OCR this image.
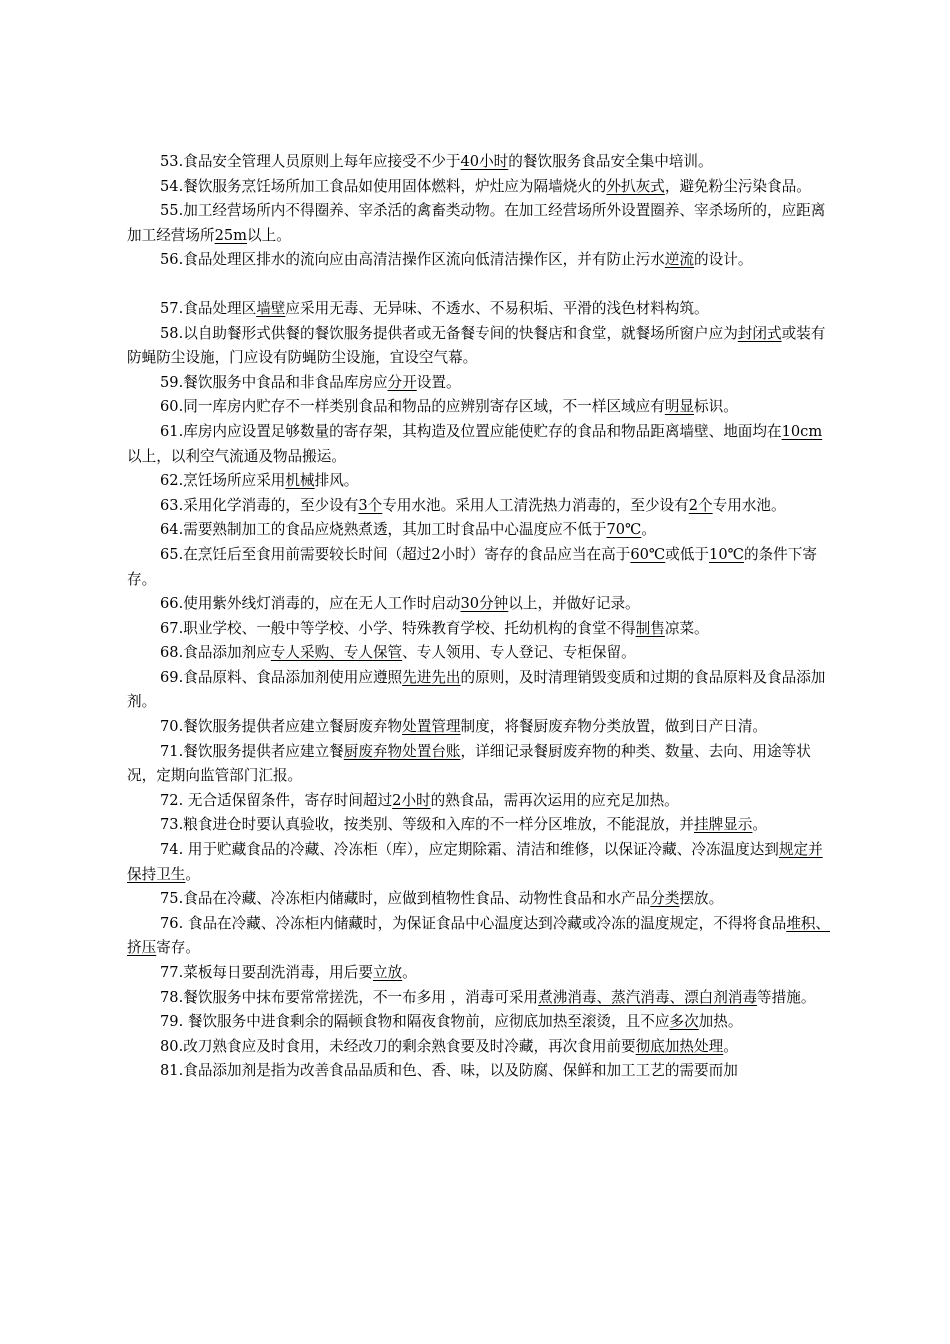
53.食品安全管理人员原则上每年应接受不少于40小时的餐饮服务食品安全集中培训。

54.餐饮服务烹饪场所加工食品如使用固体燃料，炉灶应为隔墙烧火的外扒灰式，避免粉尘污染食品。

55.加工经营场所内不得圈养、宰杀活的禽畜类动物。在加工经营场所外设置圈养、宰杀场所的，应距离加工经营场所25m以上。

56.食品处理区排水的流向应由高清洁操作区流向低清洁操作区，并有防止污水逆流的设计。

57.食品处理区墙壁应采用无毒、无异味、不透水、不易积垢、平滑的浅色材料构筑。

58.以自助餐形式供餐的餐饮服务提供者或无备餐专间的快餐店和食堂，就餐场所窗户应为封闭式或装有防蝇防尘设施，门应设有防蝇防尘设施，宜设空气幕。

59.餐饮服务中食品和非食品库房应分开设置。

60.同一库房内贮存不一样类别食品和物品的应辨别寄存区域，不一样区域应有明显标识。

61.库房内应设置足够数量的寄存架，其构造及位置应能使贮存的食品和物品距离墙壁、地面均在10cm以上，以利空气流通及物品搬运。

62.烹饪场所应采用机械排风。

63.采用化学消毒的，至少设有3个专用水池。采用人工清洗热力消毒的，至少设有2个专用水池。

64.需要熟制加工的食品应烧熟煮透，其加工时食品中心温度应不低于70℃。

65.在烹饪后至食用前需要较长时间（超过2小时）寄存的食品应当在高于60℃或低于10℃的条件下寄存。

66.使用紫外线灯消毒的，应在无人工作时启动30分钟以上，并做好记录。

67.职业学校、一般中等学校、小学、特殊教育学校、托幼机构的食堂不得制售凉菜。

68.食品添加剂应专人采购、专人保管、专人领用、专人登记、专柜保留。

69.食品原料、食品添加剂使用应遵照先进先出的原则，及时清理销毁变质和过期的食品原料及食品添加剂。

70.餐饮服务提供者应建立餐厨废弃物处置管理制度，将餐厨废弃物分类放置，做到日产日清。

71.餐饮服务提供者应建立餐厨废弃物处置台账，详细记录餐厨废弃物的种类、数量、去向、用途等状况，定期向监管部门汇报。

72. 无合适保留条件，寄存时间超过2小时的熟食品，需再次运用的应充足加热。

73.粮食进仓时要认真验收，按类别、等级和入库的不一样分区堆放，不能混放，并挂牌显示。

74. 用于贮藏食品的冷藏、冷冻柜（库），应定期除霜、清洁和维修，以保证冷藏、冷冻温度达到规定并保持卫生。

75.食品在冷藏、冷冻柜内储藏时，应做到植物性食品、动物性食品和水产品分类摆放。

76. 食品在冷藏、冷冻柜内储藏时，为保证食品中心温度达到冷藏或冷冻的温度规定，不得将食品堆积、挤压寄存。

77.菜板每日要刮洗消毒，用后要立放。

78.餐饮服务中抹布要常常搓洗，不一布多用 ，消毒可采用煮沸消毒、蒸汽消毒、漂白剂消毒等措施。

79. 餐饮服务中进食剩余的隔顿食物和隔夜食物前，应彻底加热至滚烫，且不应多次加热。

80.改刀熟食应及时食用，未经改刀的剩余熟食要及时冷藏，再次食用前要彻底加热处理。

81.食品添加剂是指为改善食品品质和色、香、味，以及防腐、保鲜和加工工艺的需要而加
